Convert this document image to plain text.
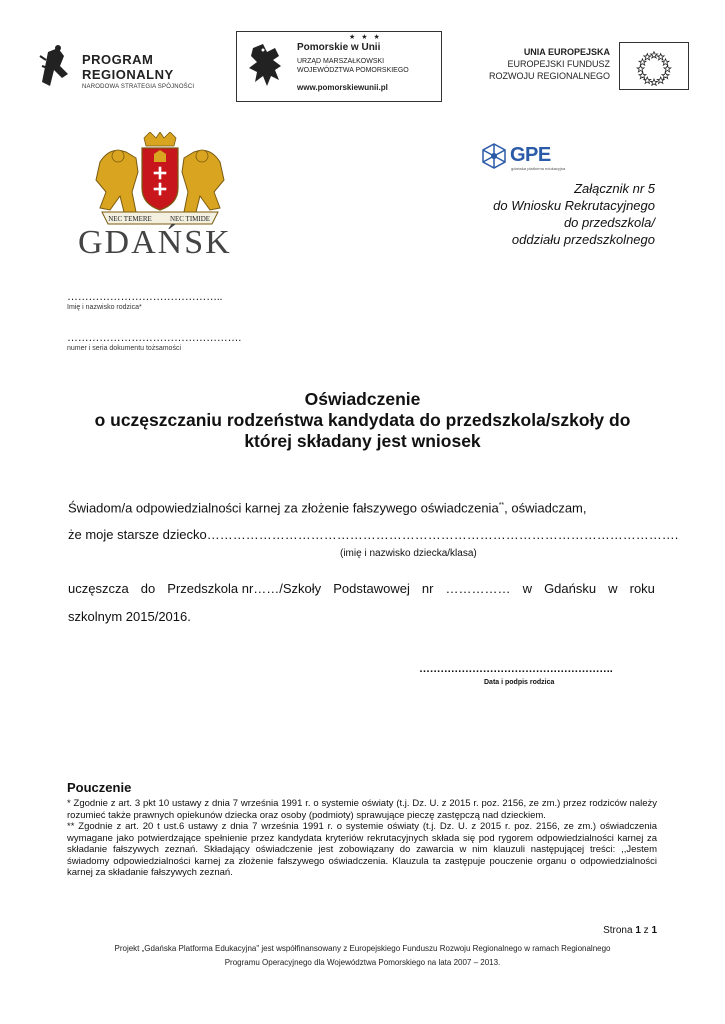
PROGRAM
REGIONALNY
NARODOWA STRATEGIA SPÓJNOŚCI
★ ★ ★
Pomorskie w Unii
URZĄD MARSZAŁKOWSKI
WOJEWÓDZTWA POMORSKIEGO
www.pomorskiewunii.pl
UNIA EUROPEJSKA
EUROPEJSKI FUNDUSZ
ROZWOJU REGIONALNEGO
NEC TEMERE	NEC TIMIDE
GDAŃSK
GPE
gdańska platforma edukacyjna
Załącznik nr 5
do Wniosku Rekrutacyjnego
do przedszkola/
oddziału przedszkolnego
……………………………………..
Imię i nazwisko rodzica*
………………………………………….
numer i seria dokumentu tożsamości
Oświadczenie
o uczęszczaniu rodzeństwa kandydata do przedszkola/szkoły do
której składany jest wniosek
Świadom/a odpowiedzialności karnej za złożenie fałszywego oświadczenia**, oświadczam,
że moje starsze dziecko……………………………………………………………………………………………….
(imię i nazwisko dziecka/klasa)
uczęszcza do Przedszkola nr……/Szkoły Podstawowej nr …………… w Gdańsku w roku
szkolnym 2015/2016.
……………………………………………….
Data i podpis rodzica
Pouczenie

* Zgodnie z art. 3 pkt 10 ustawy z dnia 7 września 1991 r. o systemie oświaty (t.j. Dz. U. z 2015 r. poz. 2156, ze zm.) przez rodziców należy rozumieć także prawnych opiekunów dziecka oraz osoby (podmioty) sprawujące pieczę zastępczą nad dzieckiem.

** Zgodnie z art. 20 t ust.6 ustawy z dnia 7 września 1991 r. o systemie oświaty (t.j. Dz. U. z 2015 r. poz. 2156, ze zm.) oświadczenia wymagane jako potwierdzające spełnienie przez kandydata kryteriów rekrutacyjnych składa się pod rygorem odpowiedzialności karnej za składanie fałszywych zeznań. Składający oświadczenie jest zobowiązany do zawarcia w nim klauzuli następującej treści: ,,Jestem świadomy odpowiedzialności karnej za złożenie fałszywego oświadczenia. Klauzula ta zastępuje pouczenie organu o odpowiedzialności karnej za składanie fałszywych zeznań.

Strona 1 z 1
Projekt „Gdańska Platforma Edukacyjna" jest współfinansowany z Europejskiego Funduszu Rozwoju Regionalnego w ramach Regionalnego
Programu Operacyjnego dla Województwa Pomorskiego na lata 2007 – 2013.
